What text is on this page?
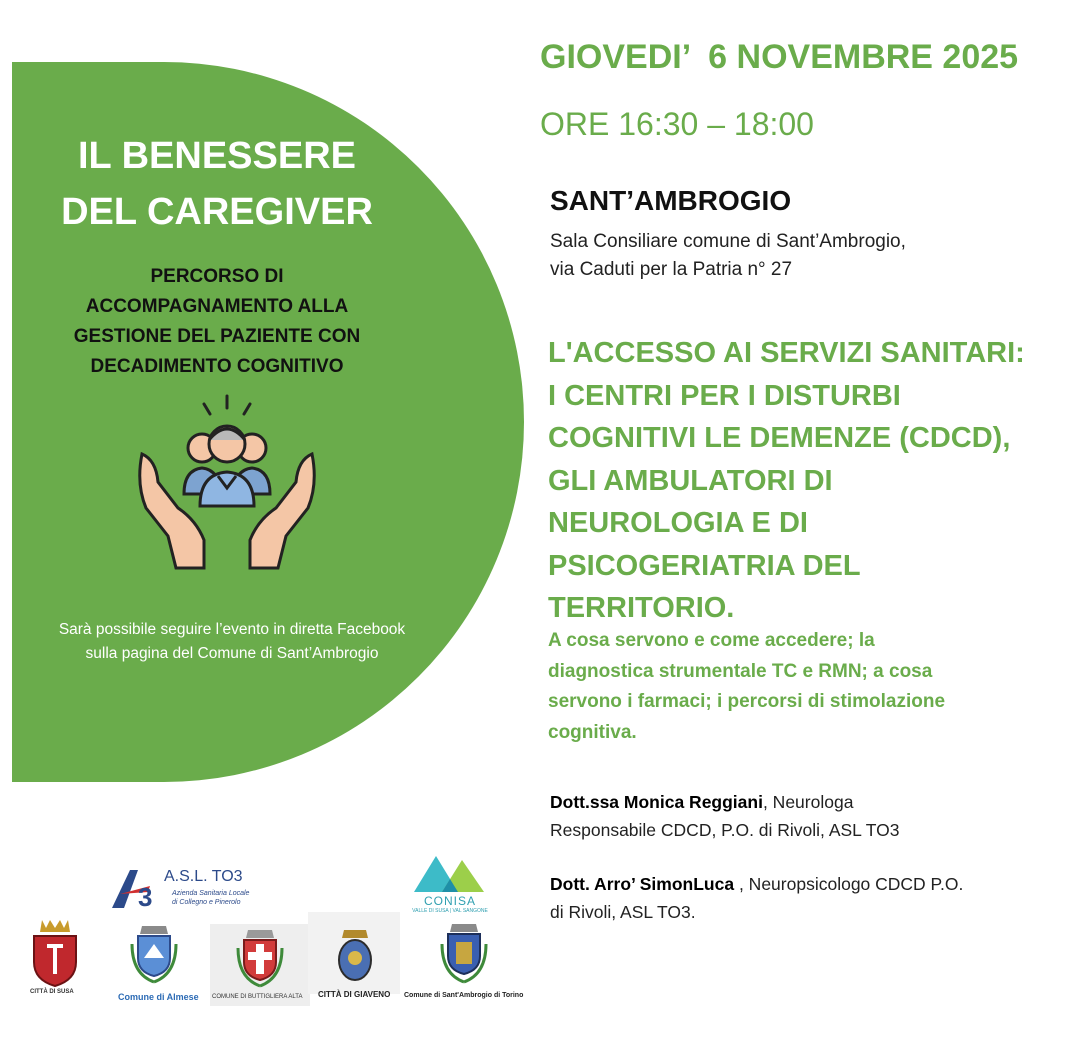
IL BENESSERE
DEL CAREGIVER
PERCORSO DI
ACCOMPAGNAMENTO ALLA
GESTIONE DEL PAZIENTE CON
DECADIMENTO COGNITIVO
Sarà possibile seguire l’evento in diretta Facebook
sulla pagina del Comune di Sant’Ambrogio
GIOVEDI’  6 NOVEMBRE 2025
ORE 16:30 – 18:00
SANT’AMBROGIO
Sala Consiliare comune di Sant’Ambrogio,
via Caduti per la Patria n° 27
L'ACCESSO AI SERVIZI SANITARI:
I CENTRI PER I DISTURBI
COGNITIVI LE DEMENZE (CDCD),
GLI AMBULATORI DI
NEUROLOGIA E DI
PSICOGERIATRIA DEL
TERRITORIO.
A cosa servono e come accedere; la
diagnostica strumentale TC e RMN; a cosa
servono i farmaci; i percorsi di stimolazione
cognitiva.
Dott.ssa Monica Reggiani, Neurologa
Responsabile CDCD, P.O. di Rivoli, ASL TO3
Dott. Arro’ SimonLuca , Neuropsicologo CDCD P.O.
di Rivoli, ASL TO3.
3
A.S.L. TO3
Azienda Sanitaria Locale
di Collegno e Pinerolo	CONISA
VALLE DI SUSA | VAL SANGONE
CITTÀ DI SUSA	Comune di Almese COMUNE DI BUTTIGLIERA ALTA CITTÀ DI GIAVENO Comune di Sant'Ambrogio di Torino
